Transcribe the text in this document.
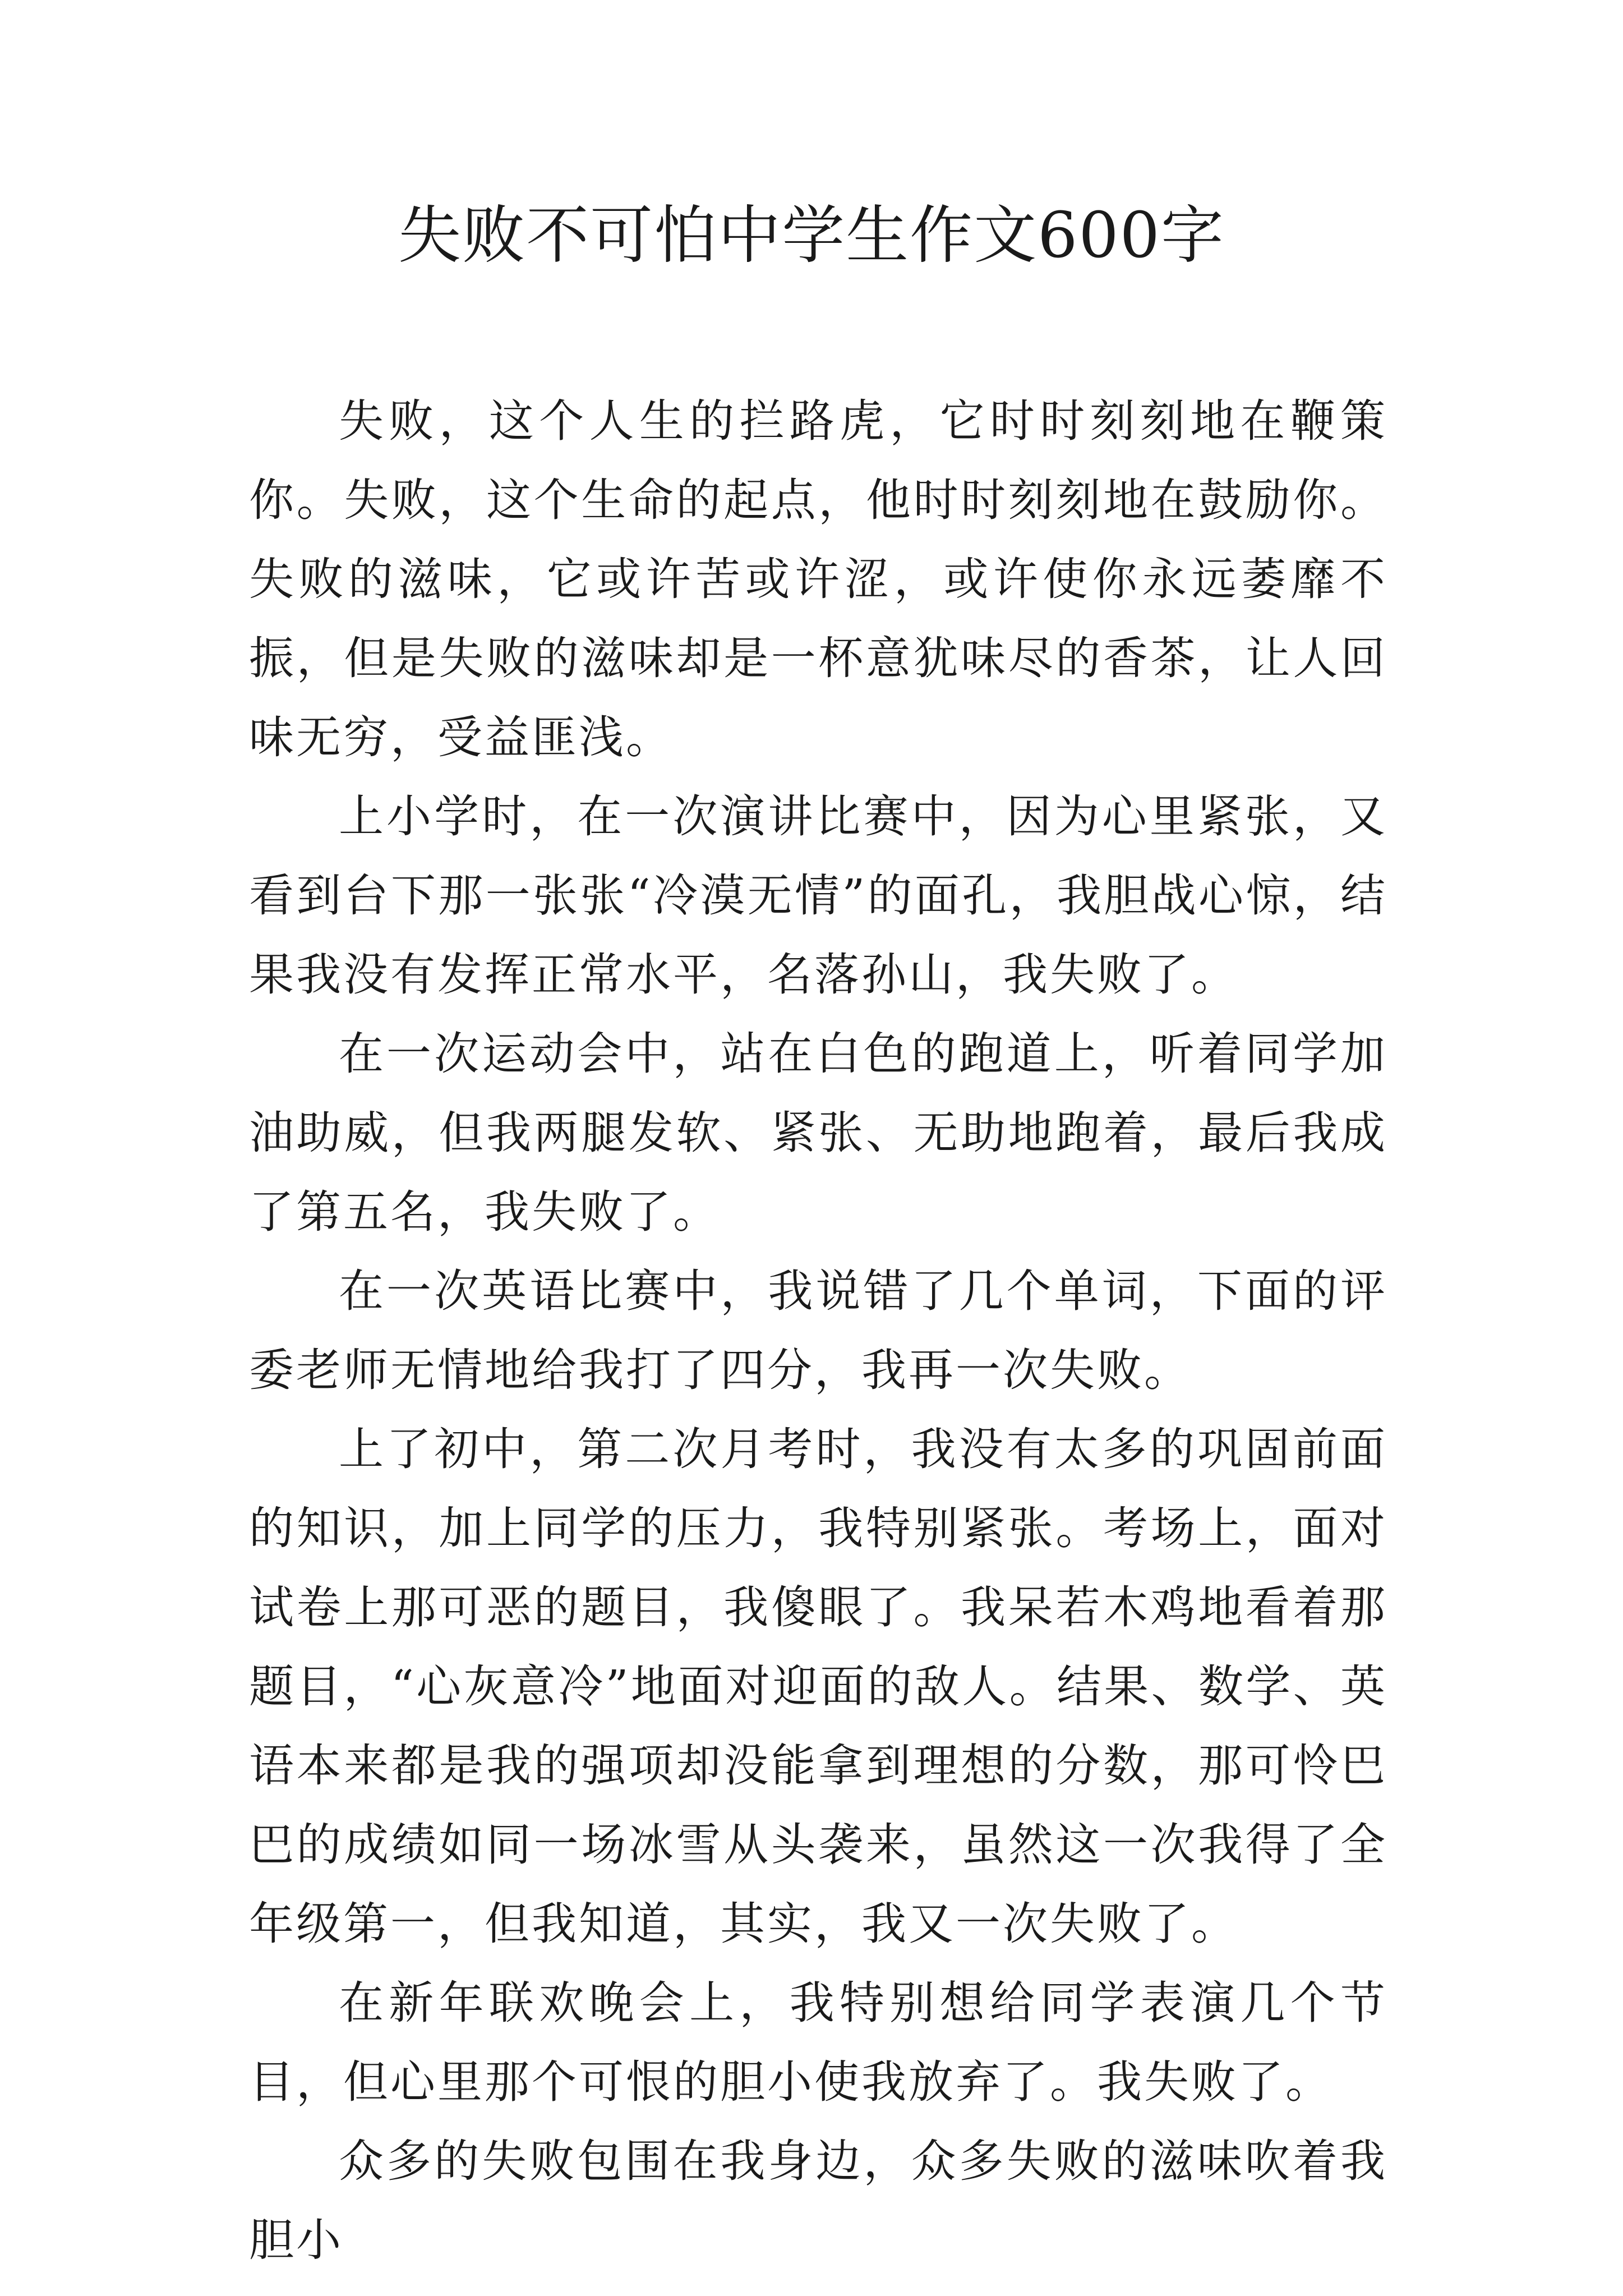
失败不可怕中学生作文600字

失败，这个人生的拦路虎，它时时刻刻地在鞭策你。失败，这个生命的起点，他时时刻刻地在鼓励你。失败的滋味，它或许苦或许涩，或许使你永远萎靡不振，但是失败的滋味却是一杯意犹味尽的香茶，让人回味无穷，受益匪浅。

上小学时，在一次演讲比赛中，因为心里紧张，又看到台下那一张张“冷漠无情”的面孔，我胆战心惊，结果我没有发挥正常水平，名落孙山，我失败了。

在一次运动会中，站在白色的跑道上，听着同学加油助威，但我两腿发软、紧张、无助地跑着，最后我成了第五名，我失败了。

在一次英语比赛中，我说错了几个单词，下面的评委老师无情地给我打了四分，我再一次失败。

上了初中，第二次月考时，我没有太多的巩固前面的知识，加上同学的压力，我特别紧张。考场上，面对试卷上那可恶的题目，我傻眼了。我呆若木鸡地看着那题目，“心灰意冷”地面对迎面的敌人。结果、数学、英语本来都是我的强项却没能拿到理想的分数，那可怜巴巴的成绩如同一场冰雪从头袭来，虽然这一次我得了全年级第一，但我知道，其实，我又一次失败了。

在新年联欢晚会上，我特别想给同学表演几个节目，但心里那个可恨的胆小使我放弃了。我失败了。

众多的失败包围在我身边，众多失败的滋味吹着我胆小
